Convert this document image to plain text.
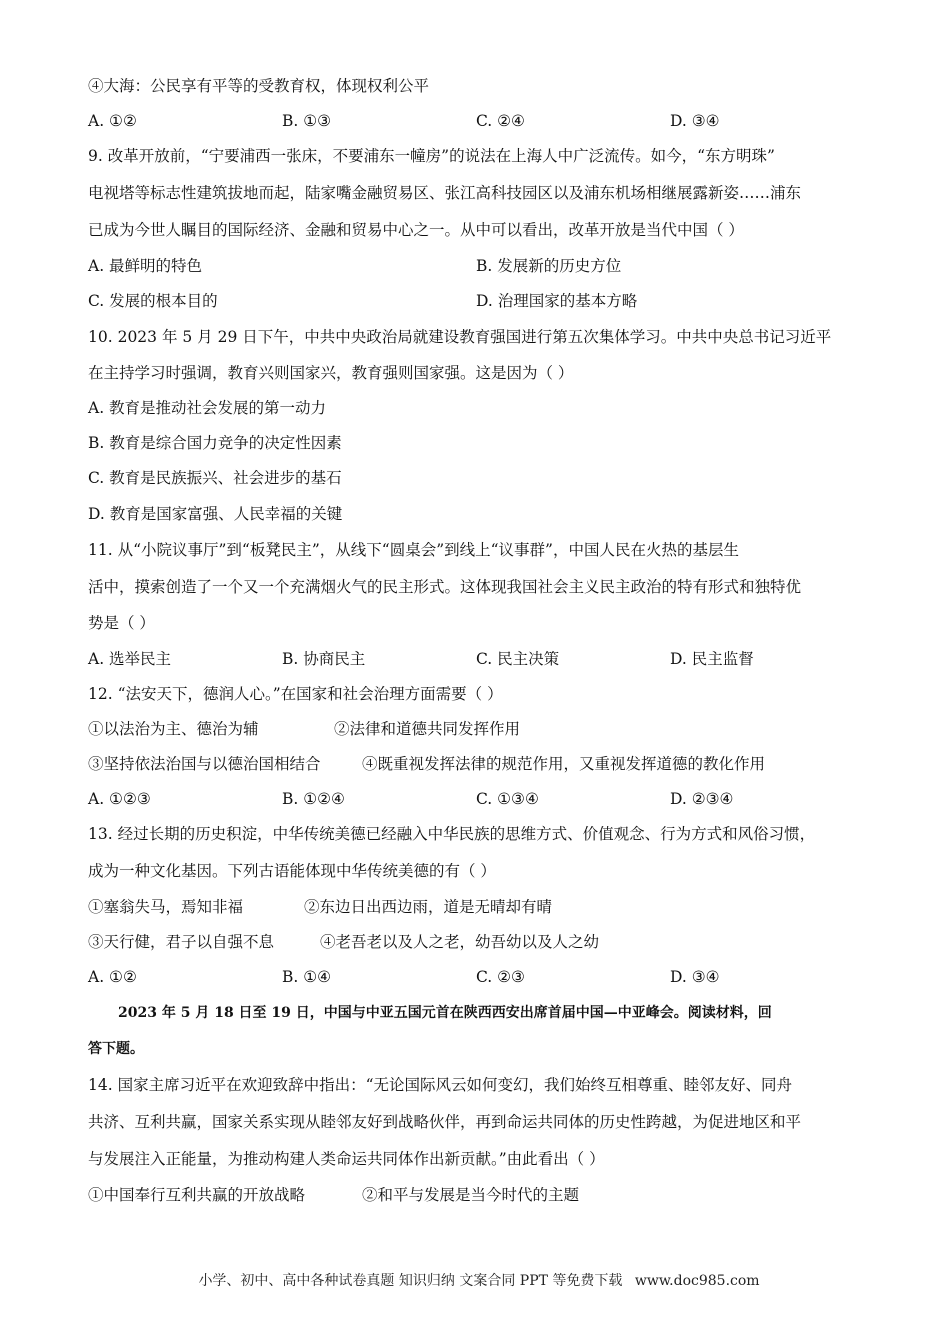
④大海：公民享有平等的受教育权，体现权利公平
A. ①②	B. ①③	C. ②④	D. ③④
9. 改革开放前，“宁要浦西一张床，不要浦东一幢房”的说法在上海人中广泛流传。如今，“东方明珠”
电视塔等标志性建筑拔地而起，陆家嘴金融贸易区、张江高科技园区以及浦东机场相继展露新姿……浦东
已成为今世人瞩目的国际经济、金融和贸易中心之一。从中可以看出，改革开放是当代中国（ ）
A. 最鲜明的特色	B. 发展新的历史方位
C. 发展的根本目的	D. 治理国家的基本方略
10. 2023 年 5 月 29 日下午，中共中央政治局就建设教育强国进行第五次集体学习。中共中央总书记习近平
在主持学习时强调，教育兴则国家兴，教育强则国家强。这是因为（ ）
A. 教育是推动社会发展的第一动力
B. 教育是综合国力竞争的决定性因素
C. 教育是民族振兴、社会进步的基石
D. 教育是国家富强、人民幸福的关键
11. 从“小院议事厅”到“板凳民主”，从线下“圆桌会”到线上“议事群”，中国人民在火热的基层生
活中，摸索创造了一个又一个充满烟火气的民主形式。这体现我国社会主义民主政治的特有形式和独特优
势是（ ）
A. 选举民主	B. 协商民主	C. 民主决策	D. 民主监督
12. “法安天下，德润人心。”在国家和社会治理方面需要（ ）
①以法治为主、德治为辅	②法律和道德共同发挥作用
③坚持依法治国与以德治国相结合	④既重视发挥法律的规范作用，又重视发挥道德的教化作用
A. ①②③	B. ①②④	C. ①③④	D. ②③④
13. 经过长期的历史积淀，中华传统美德已经融入中华民族的思维方式、价值观念、行为方式和风俗习惯，
成为一种文化基因。下列古语能体现中华传统美德的有（ ）
①塞翁失马，焉知非福	②东边日出西边雨，道是无晴却有晴
③天行健，君子以自强不息	④老吾老以及人之老，幼吾幼以及人之幼
A. ①②	B. ①④	C. ②③	D. ③④
2023 年 5 月 18 日至 19 日，中国与中亚五国元首在陕西西安出席首届中国—中亚峰会。阅读材料，回
答下题。
14. 国家主席习近平在欢迎致辞中指出：“无论国际风云如何变幻，我们始终互相尊重、睦邻友好、同舟
共济、互利共赢，国家关系实现从睦邻友好到战略伙伴，再到命运共同体的历史性跨越，为促进地区和平
与发展注入正能量，为推动构建人类命运共同体作出新贡献。”由此看出（ ）
①中国奉行互利共赢的开放战略	②和平与发展是当今时代的主题
小学、初中、高中各种试卷真题 知识归纳 文案合同 PPT 等免费下载 www.doc985.com
